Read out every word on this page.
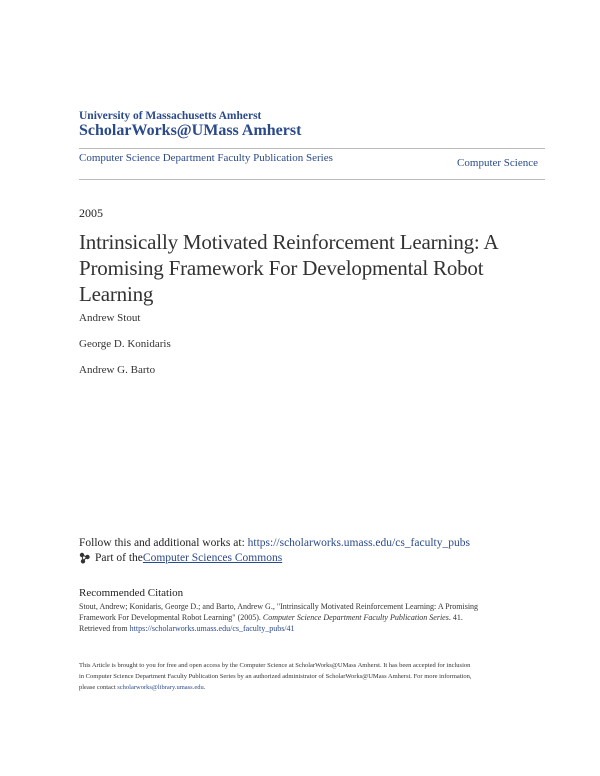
University of Massachusetts Amherst
ScholarWorks@UMass Amherst
Computer Science Department Faculty Publication Series	Computer Science
2005
Intrinsically Motivated Reinforcement Learning: A Promising Framework For Developmental Robot Learning
Andrew Stout
George D. Konidaris
Andrew G. Barto
Follow this and additional works at: https://scholarworks.umass.edu/cs_faculty_pubs
Part of the Computer Sciences Commons
Recommended Citation

Stout, Andrew; Konidaris, George D.; and Barto, Andrew G., "Intrinsically Motivated Reinforcement Learning: A Promising

Framework For Developmental Robot Learning" (2005). Computer Science Department Faculty Publication Series. 41.

Retrieved from https://scholarworks.umass.edu/cs_faculty_pubs/41

This Article is brought to you for free and open access by the Computer Science at ScholarWorks@UMass Amherst. It has been accepted for inclusion

in Computer Science Department Faculty Publication Series by an authorized administrator of ScholarWorks@UMass Amherst. For more information,

please contact scholarworks@library.umass.edu.
